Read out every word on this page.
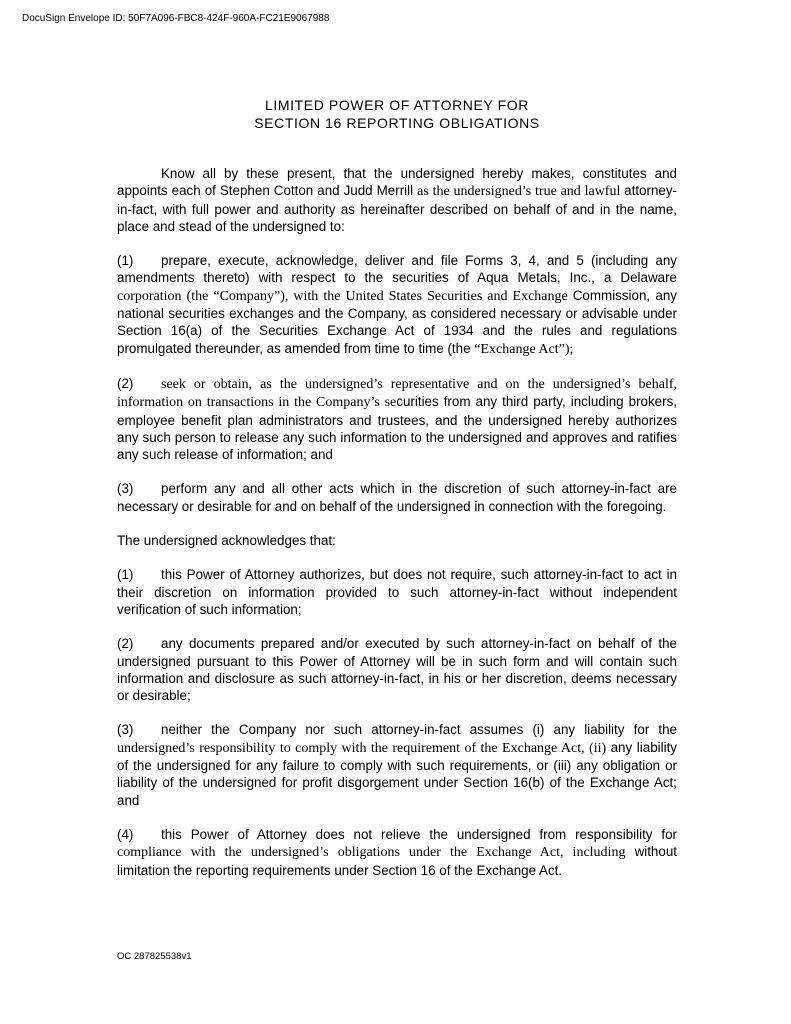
DocuSign Envelope ID: 50F7A096-FBC8-424F-960A-FC21E9067988
LIMITED POWER OF ATTORNEY FOR
SECTION 16 REPORTING OBLIGATIONS

Know all by these present, that the undersigned hereby makes, constitutes and appoints each of Stephen Cotton and Judd Merrill as the undersigned’s true and lawful attorney-in-fact, with full power and authority as hereinafter described on behalf of and in the name, place and stead of the undersigned to:

(1) prepare, execute, acknowledge, deliver and file Forms 3, 4, and 5 (including any amendments thereto) with respect to the securities of Aqua Metals, Inc., a Delaware corporation (the “Company”), with the United States Securities and Exchange Commission, any national securities exchanges and the Company, as considered necessary or advisable under Section 16(a) of the Securities Exchange Act of 1934 and the rules and regulations promulgated thereunder, as amended from time to time (the “Exchange Act”);

(2) seek or obtain, as the undersigned’s representative and on the undersigned’s behalf, information on transactions in the Company’s securities from any third party, including brokers, employee benefit plan administrators and trustees, and the undersigned hereby authorizes any such person to release any such information to the undersigned and approves and ratifies any such release of information; and

(3) perform any and all other acts which in the discretion of such attorney-in-fact are necessary or desirable for and on behalf of the undersigned in connection with the foregoing.

The undersigned acknowledges that:

(1) this Power of Attorney authorizes, but does not require, such attorney-in-fact to act in their discretion on information provided to such attorney-in-fact without independent verification of such information;

(2) any documents prepared and/or executed by such attorney-in-fact on behalf of the undersigned pursuant to this Power of Attorney will be in such form and will contain such information and disclosure as such attorney-in-fact, in his or her discretion, deems necessary or desirable;

(3) neither the Company nor such attorney-in-fact assumes (i) any liability for the undersigned’s responsibility to comply with the requirement of the Exchange Act, (ii) any liability of the undersigned for any failure to comply with such requirements, or (iii) any obligation or liability of the undersigned for profit disgorgement under Section 16(b) of the Exchange Act; and

(4) this Power of Attorney does not relieve the undersigned from responsibility for compliance with the undersigned’s obligations under the Exchange Act, including without limitation the reporting requirements under Section 16 of the Exchange Act.

OC 287825538v1
